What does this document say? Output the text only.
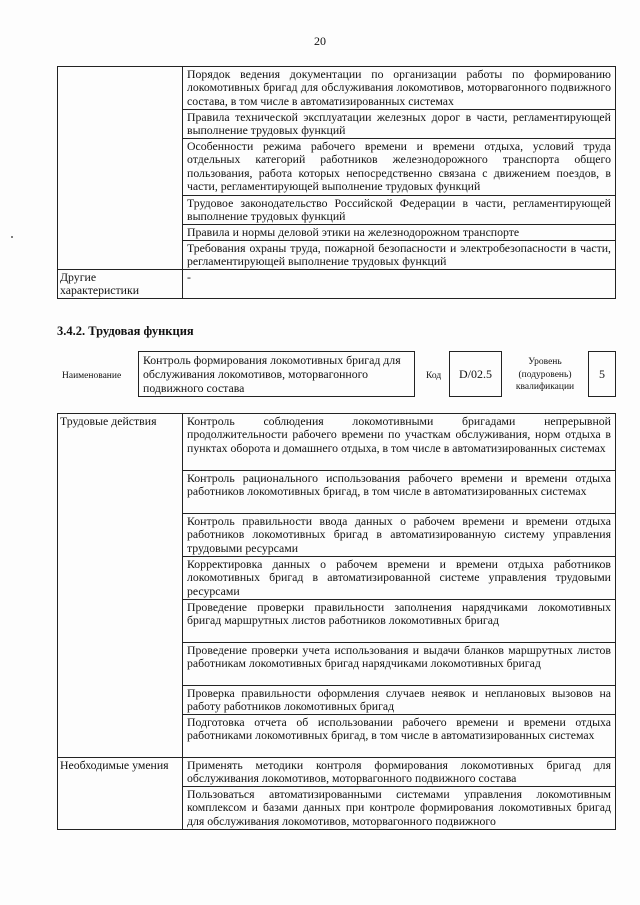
20
	Порядок ведения документации по организации работы по формированию локомотивных бригад для обслуживания локомотивов, моторвагонного подвижного состава, в том числе в автоматизированных системах
	Правила технической эксплуатации железных дорог в части, регламентирующей выполнение трудовых функций
	Особенности режима рабочего времени и времени отдыха, условий труда отдельных категорий работников железнодорожного транспорта общего пользования, работа которых непосредственно связана с движением поездов, в части, регламентирующей выполнение трудовых функций
	Трудовое законодательство Российской Федерации в части, регламентирующей выполнение трудовых функций
	Правила и нормы деловой этики на железнодорожном транспорте
	Требования охраны труда, пожарной безопасности и электробезопасности в части, регламентирующей выполнение трудовых функций
Другие характеристики	-
3.4.2. Трудовая функция
Наименование
Контроль формирования локомотивных бригад для обслуживания локомотивов, моторвагонного подвижного состава
Код	D/02.5
Уровень (подуровень) квалификации
5
Трудовые действия	Контроль соблюдения локомотивными бригадами непрерывной продолжительности рабочего времени по участкам обслуживания, норм отдыха в пунктах оборота и домашнего отдыха, в том числе в автоматизированных системах
	Контроль рационального использования рабочего времени и времени отдыха работников локомотивных бригад, в том числе в автоматизированных системах
	Контроль правильности ввода данных о рабочем времени и времени отдыха работников локомотивных бригад в автоматизированную систему управления трудовыми ресурсами
	Корректировка данных о рабочем времени и времени отдыха работников локомотивных бригад в автоматизированной системе управления трудовыми ресурсами
	Проведение проверки правильности заполнения нарядчиками локомотивных бригад маршрутных листов работников локомотивных бригад
	Проведение проверки учета использования и выдачи бланков маршрутных листов работникам локомотивных бригад нарядчиками локомотивных бригад
	Проверка правильности оформления случаев неявок и неплановых вызовов на работу работников локомотивных бригад
	Подготовка отчета об использовании рабочего времени и времени отдыха работниками локомотивных бригад, в том числе в автоматизированных системах
Необходимые умения	Применять методики контроля формирования локомотивных бригад для обслуживания локомотивов, моторвагонного подвижного состава
	Пользоваться автоматизированными системами управления локомотивным комплексом и базами данных при контроле формирования локомотивных бригад для обслуживания локомотивов, моторвагонного подвижного
